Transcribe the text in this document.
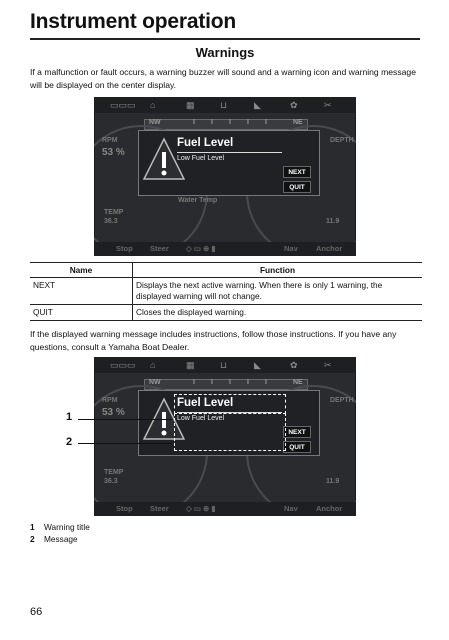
Instrument operation
Warnings

If a malfunction or fault occurs, a warning buzzer will sound and a warning icon and warning message will be displayed on the center display.

▭▭▭ ⌂	▦	⊔	◣	✿	✂
NW	I I I I I	NE
RPM
53 %
DEPTH
TEMP
36.3	11.9
Water Temp
Stop Steer ◇ ▭ ⊕ ▮	Nav Anchor
Fuel Level
Low Fuel Level
NEXT
QUIT
Name	Function
NEXT	Displays the next active warning. When there is only 1 warning, the displayed warning will not change.
QUIT	Closes the displayed warning.

If the displayed warning message includes instructions, follow those instructions. If you have any questions, consult a Yamaha Boat Dealer.

▭▭▭ ⌂	▦	⊔	◣	✿	✂
NW	I I I I I	NE
RPM
53 %
DEPTH
TEMP
36.3	11.9
Stop Steer ◇ ▭ ⊕ ▮	Nav Anchor
Fuel Level
Low Fuel Level
NEXT
QUIT
1
2
1 Warning title
2 Message
66
